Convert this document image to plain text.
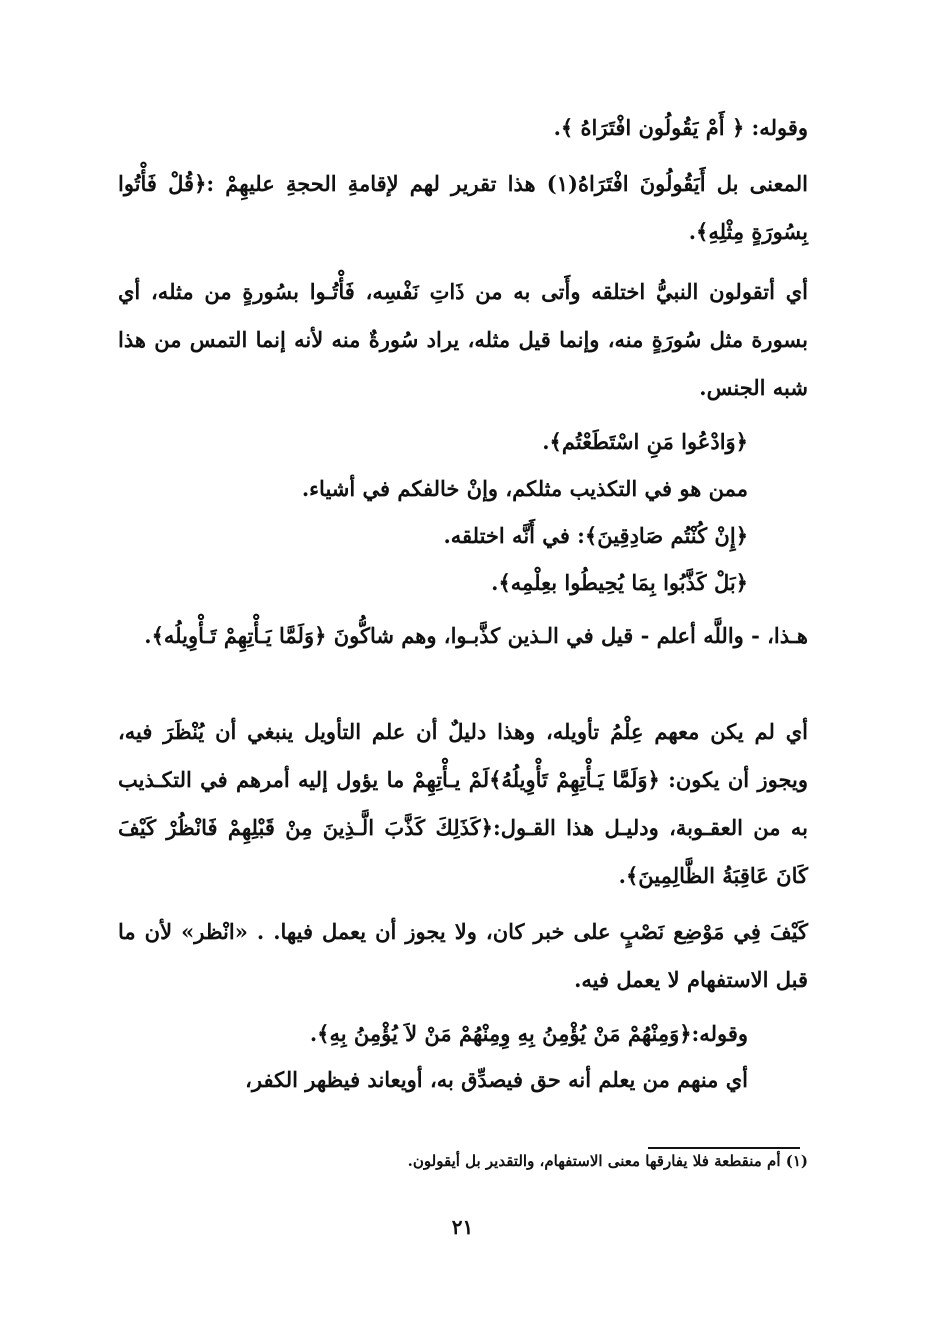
وقوله: ﴿ أَمْ يَقُولُون افْتَرَاهُ ﴾.

المعنى بل أَيَقُولُونَ افْتَرَاهُ(١) هذا تقرير لهم لإقامةِ الحجةِ عليهِمْ :﴿قُلْ فَأْتُوا بِسُورَةٍ مِثْلِهِ﴾.

أي أتقولون النبيُّ اختلقه وأَتى به من ذَاتِ نَفْسِه، فَأْتُـوا بسُورةٍ من مثله، أي بسورة مثل سُورَةٍ منه، وإنما قيل مثله، يراد سُورةٌ منه لأنه إنما التمس من هذا شبه الجنس.

﴿وَادْعُوا مَنِ اسْتَطَعْتُم﴾.

ممن هو في التكذيب مثلكم، وإنْ خالفكم في أشياء.

﴿إِنْ كُنْتُم صَادِقِينَ﴾: في أَنَّه اختلقه.

﴿بَلْ كَذَّبُوا بِمَا يُحِيطُوا بعِلْمِه﴾.

هـذا، - واللَّه أعلم - قيل في الـذين كذَّبـوا، وهم شاكُّونَ ﴿وَلَمَّا يَـأْتِهِمْ تَـأْوِيلُه﴾.

أي لم يكن معهم عِلْمُ تأويله، وهذا دليلٌ أن علم التأويل ينبغي أن يُنْظَرَ فيه، ويجوز أن يكون: ﴿وَلَمَّا يَـأْتِهِمْ تَأْوِيلُهُ﴾لَمْ يـأْتِهِمْ ما يؤول إليه أمرهم في التكـذيب به من العقـوبة، ودليـل هذا القـول:﴿كَذَلِكَ كَذَّبَ الَّـذِينَ مِنْ قَبْلِهِمْ فَانْظُرْ كَيْفَ كَانَ عَاقِبَةُ الظَّالِمِينَ﴾.

كَيْفَ فِي مَوْضِع نَصْبٍ على خبر كان، ولا يجوز أن يعمل فيها. . «انْظر» لأن ما قبل الاستفهام لا يعمل فيه.

وقوله:﴿وَمِنْهُمْ مَنْ يُؤْمِنُ بِهِ وِمِنْهُمْ مَنْ لاَ يُؤْمِنُ بِهِ﴾.

أي منهم من يعلم أنه حق فيصدِّق به، أويعاند فيظهر الكفر،

(١) أم منقطعة فلا يفارقها معنى الاستفهام، والتقدير بل أيقولون.

٢١
